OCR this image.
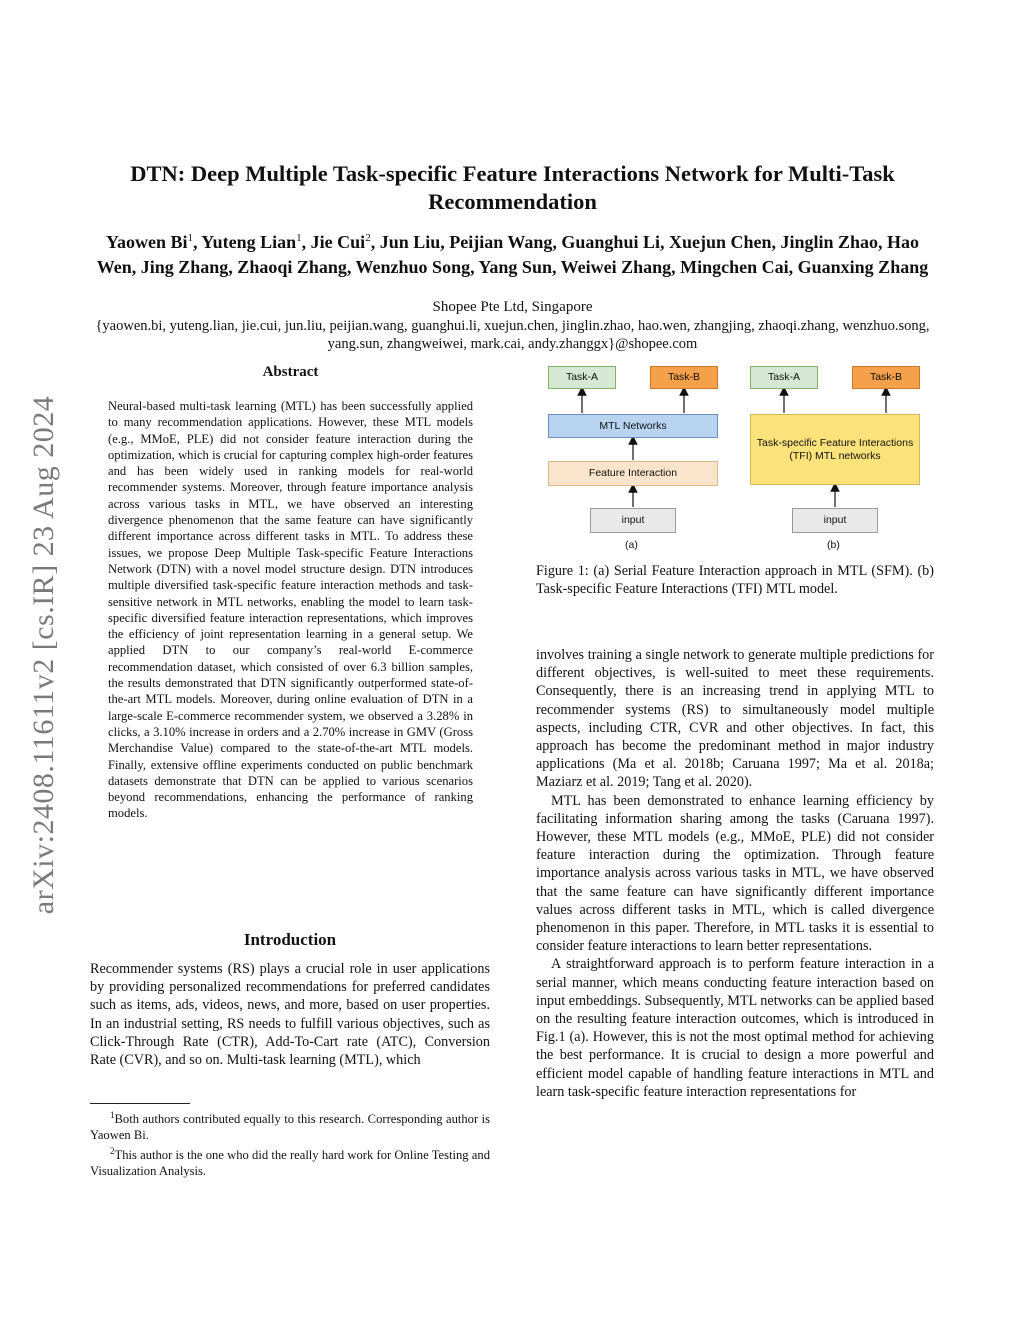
arXiv:2408.11611v2 [cs.IR] 23 Aug 2024
DTN: Deep Multiple Task-specific Feature Interactions Network for Multi-Task Recommendation

Yaowen Bi$^1$, Yuteng Lian$^1$, Jie Cui$^2$, Jun Liu, Peijian Wang, Guanghui Li, Xuejun Chen, Jinglin Zhao, Hao Wen, Jing Zhang, Zhaoqi Zhang, Wenzhuo Song, Yang Sun, Weiwei Zhang, Mingchen Cai, Guanxing Zhang

Shopee Pte Ltd, Singapore

{yaowen.bi, yuteng.lian, jie.cui, jun.liu, peijian.wang, guanghui.li, xuejun.chen, jinglin.zhao, hao.wen, zhangjing, zhaoqi.zhang, wenzhuo.song, yang.sun, zhangweiwei, mark.cai, andy.zhanggx}@shopee.com

Abstract

Neural-based multi-task learning (MTL) has been successfully applied to many recommendation applications. However, these MTL models (e.g., MMoE, PLE) did not consider feature interaction during the optimization, which is crucial for capturing complex high-order features and has been widely used in ranking models for real-world recommender systems. Moreover, through feature importance analysis across various tasks in MTL, we have observed an interesting divergence phenomenon that the same feature can have significantly different importance across different tasks in MTL. To address these issues, we propose Deep Multiple Task-specific Feature Interactions Network (DTN) with a novel model structure design. DTN introduces multiple diversified task-specific feature interaction methods and task-sensitive network in MTL networks, enabling the model to learn task-specific diversified feature interaction representations, which improves the efficiency of joint representation learning in a general setup. We applied DTN to our company’s real-world E-commerce recommendation dataset, which consisted of over 6.3 billion samples, the results demonstrated that DTN significantly outperformed state-of-the-art MTL models. Moreover, during online evaluation of DTN in a large-scale E-commerce recommender system, we observed a 3.28% in clicks, a 3.10% increase in orders and a 2.70% increase in GMV (Gross Merchandise Value) compared to the state-of-the-art MTL models. Finally, extensive offline experiments conducted on public benchmark datasets demonstrate that DTN can be applied to various scenarios beyond recommendations, enhancing the performance of ranking models.

Introduction

Recommender systems (RS) plays a crucial role in user applications by providing personalized recommendations for preferred candidates such as items, ads, videos, news, and more, based on user properties. In an industrial setting, RS needs to fulfill various objectives, such as Click-Through Rate (CTR), Add-To-Cart rate (ATC), Conversion Rate (CVR), and so on. Multi-task learning (MTL), which

$^1$Both authors contributed equally to this research. Corresponding author is Yaowen Bi.

$^2$This author is the one who did the really hard work for Online Testing and Visualization Analysis.

Task-A	Task-B
MTL Networks
Feature Interaction
input
(a)
Task-A	Task-B
Task-specific Feature Interactions
(TFI) MTL networks
input
(b)

Figure 1: (a) Serial Feature Interaction approach in MTL (SFM). (b) Task-specific Feature Interactions (TFI) MTL model.

involves training a single network to generate multiple predictions for different objectives, is well-suited to meet these requirements. Consequently, there is an increasing trend in applying MTL to recommender systems (RS) to simultaneously model multiple aspects, including CTR, CVR and other objectives. In fact, this approach has become the predominant method in major industry applications (Ma et al. 2018b; Caruana 1997; Ma et al. 2018a; Maziarz et al. 2019; Tang et al. 2020).

MTL has been demonstrated to enhance learning efficiency by facilitating information sharing among the tasks (Caruana 1997). However, these MTL models (e.g., MMoE, PLE) did not consider feature interaction during the optimization. Through feature importance analysis across various tasks in MTL, we have observed that the same feature can have significantly different importance values across different tasks in MTL, which is called divergence phenomenon in this paper. Therefore, in MTL tasks it is essential to consider feature interactions to learn better representations.

A straightforward approach is to perform feature interaction in a serial manner, which means conducting feature interaction based on input embeddings. Subsequently, MTL networks can be applied based on the resulting feature interaction outcomes, which is introduced in Fig.1 (a). However, this is not the most optimal method for achieving the best performance. It is crucial to design a more powerful and efficient model capable of handling feature interactions in MTL and learn task-specific feature interaction representations for
